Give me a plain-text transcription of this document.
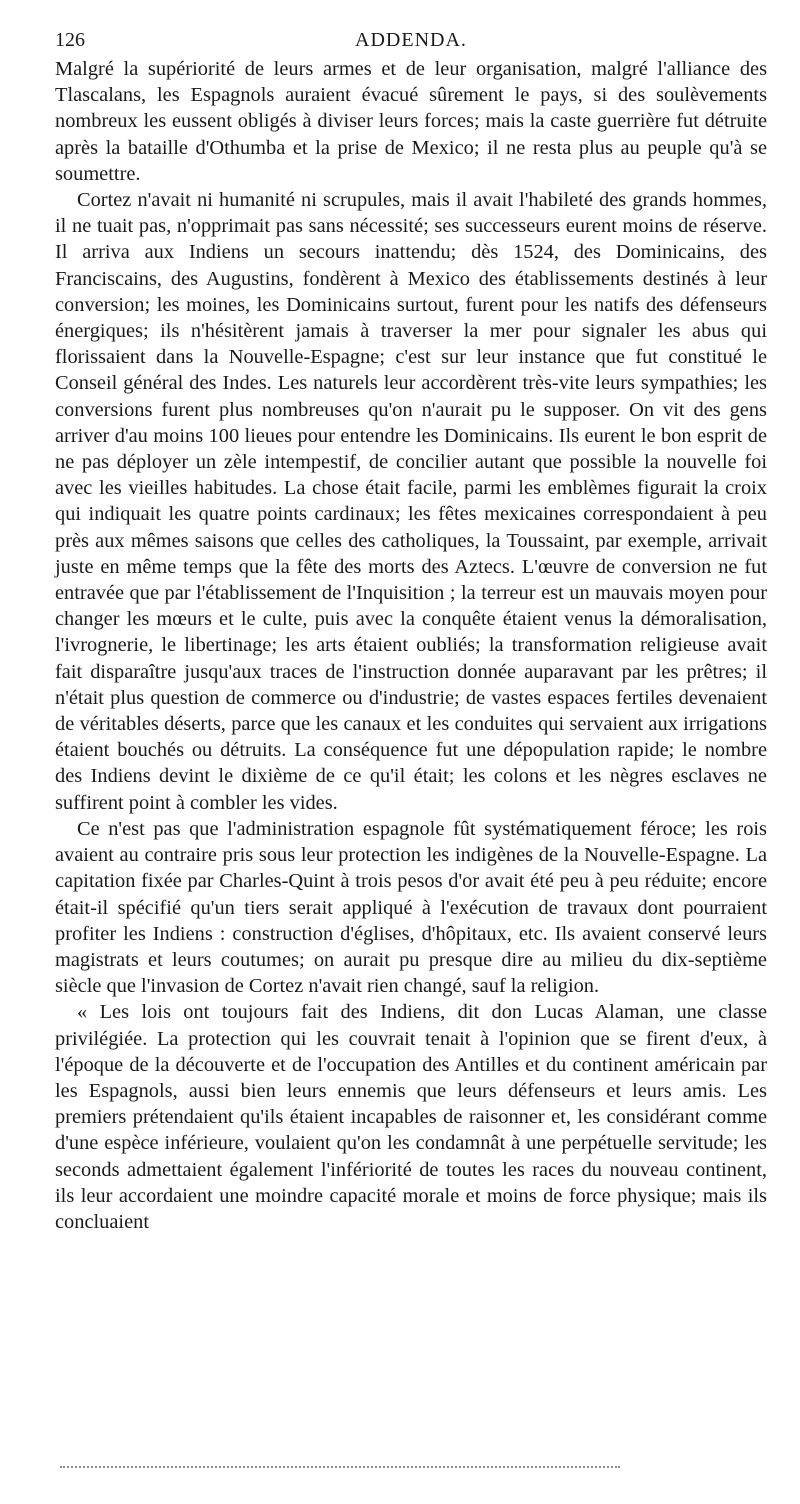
126	ADDENDA.

Malgré la supériorité de leurs armes et de leur organisation, malgré l'alliance des Tlascalans, les Espagnols auraient évacué sûrement le pays, si des soulèvements nombreux les eussent obligés à diviser leurs forces; mais la caste guerrière fut détruite après la bataille d'Othumba et la prise de Mexico; il ne resta plus au peuple qu'à se soumettre.

Cortez n'avait ni humanité ni scrupules, mais il avait l'habileté des grands hommes, il ne tuait pas, n'opprimait pas sans nécessité; ses successeurs eurent moins de réserve. Il arriva aux Indiens un secours inattendu; dès 1524, des Dominicains, des Franciscains, des Augustins, fondèrent à Mexico des établissements destinés à leur conversion; les moines, les Dominicains surtout, furent pour les natifs des défenseurs énergiques; ils n'hésitèrent jamais à traverser la mer pour signaler les abus qui florissaient dans la Nouvelle-Espagne; c'est sur leur instance que fut constitué le Conseil général des Indes. Les naturels leur accordèrent très-vite leurs sympathies; les conversions furent plus nombreuses qu'on n'aurait pu le supposer. On vit des gens arriver d'au moins 100 lieues pour entendre les Dominicains. Ils eurent le bon esprit de ne pas déployer un zèle intempestif, de concilier autant que possible la nouvelle foi avec les vieilles habitudes. La chose était facile, parmi les emblèmes figurait la croix qui indiquait les quatre points cardinaux; les fêtes mexicaines correspondaient à peu près aux mêmes saisons que celles des catholiques, la Toussaint, par exemple, arrivait juste en même temps que la fête des morts des Aztecs. L'œuvre de conversion ne fut entravée que par l'établissement de l'Inquisition ; la terreur est un mauvais moyen pour changer les mœurs et le culte, puis avec la conquête étaient venus la démoralisation, l'ivrognerie, le libertinage; les arts étaient oubliés; la transformation religieuse avait fait disparaître jusqu'aux traces de l'instruction donnée auparavant par les prêtres; il n'était plus question de commerce ou d'industrie; de vastes espaces fertiles devenaient de véritables déserts, parce que les canaux et les conduites qui servaient aux irrigations étaient bouchés ou détruits. La conséquence fut une dépopulation rapide; le nombre des Indiens devint le dixième de ce qu'il était; les colons et les nègres esclaves ne suffirent point à combler les vides.

Ce n'est pas que l'administration espagnole fût systématiquement féroce; les rois avaient au contraire pris sous leur protection les indigènes de la Nouvelle-Espagne. La capitation fixée par Charles-Quint à trois pesos d'or avait été peu à peu réduite; encore était-il spécifié qu'un tiers serait appliqué à l'exécution de travaux dont pourraient profiter les Indiens : construction d'églises, d'hôpitaux, etc. Ils avaient conservé leurs magistrats et leurs coutumes; on aurait pu presque dire au milieu du dix-septième siècle que l'invasion de Cortez n'avait rien changé, sauf la religion.

« Les lois ont toujours fait des Indiens, dit don Lucas Alaman, une classe privilégiée. La protection qui les couvrait tenait à l'opinion que se firent d'eux, à l'époque de la découverte et de l'occupation des Antilles et du continent américain par les Espagnols, aussi bien leurs ennemis que leurs défenseurs et leurs amis. Les premiers prétendaient qu'ils étaient incapables de raisonner et, les considérant comme d'une espèce inférieure, voulaient qu'on les condamnât à une perpétuelle servitude; les seconds admettaient également l'infériorité de toutes les races du nouveau continent, ils leur accordaient une moindre capacité morale et moins de force physique; mais ils concluaient
